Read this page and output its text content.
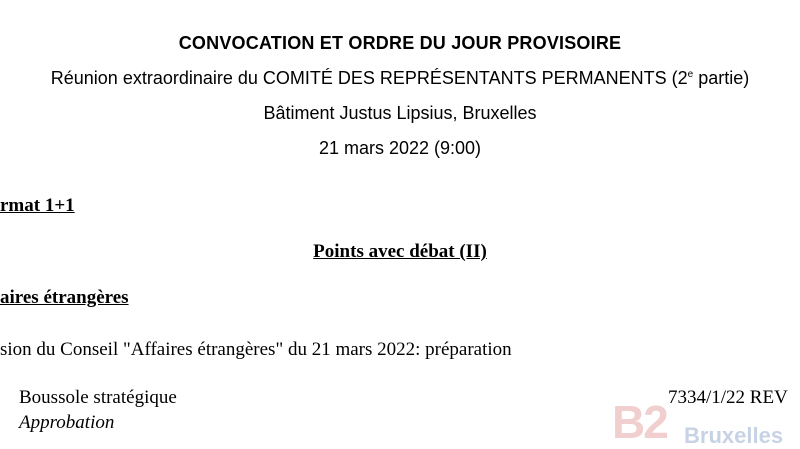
CONVOCATION ET ORDRE DU JOUR PROVISOIRE
Réunion extraordinaire du COMITÉ DES REPRÉSENTANTS PERMANENTS (2e partie)
Bâtiment Justus Lipsius, Bruxelles
21 mars 2022 (9:00)
rmat 1+1
Points avec débat (II)
aires étrangères
sion du Conseil "Affaires étrangères" du 21 mars 2022: préparation
Boussole stratégique	7334/1/22 REV
Approbation	B2 Bruxelles
